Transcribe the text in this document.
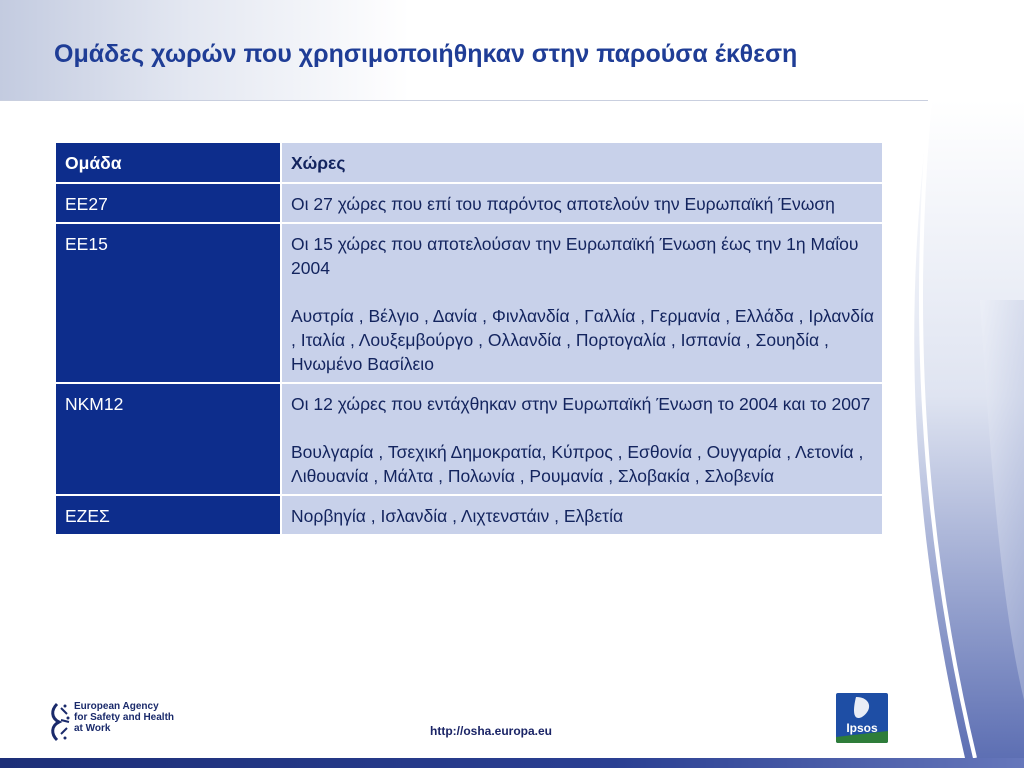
Ομάδες χωρών που χρησιμοποιήθηκαν στην παρούσα έκθεση
Ομάδα	Χώρες

ΕΕ27	Οι 27 χώρες που επί του παρόντος αποτελούν την Ευρωπαϊκή Ένωση

ΕΕ15	Οι 15 χώρες που αποτελούσαν την Ευρωπαϊκή Ένωση έως την 1η Μαΐου 2004
Αυστρία , Βέλγιο , Δανία , Φινλανδία , Γαλλία , Γερμανία , Ελλάδα , Ιρλανδία , Ιταλία , Λουξεμβούργο , Ολλανδία , Πορτογαλία , Ισπανία , Σουηδία , Ηνωμένο Βασίλειο

ΝΚΜ12	Οι 12 χώρες που εντάχθηκαν στην Ευρωπαϊκή Ένωση το 2004 και το 2007
Βουλγαρία , Τσεχική Δημοκρατία, Κύπρος , Εσθονία , Ουγγαρία , Λετονία , Λιθουανία , Μάλτα , Πολωνία , Ρουμανία , Σλοβακία , Σλοβενία

ΕΖΕΣ	Νορβηγία , Ισλανδία , Λιχτενστάιν , Ελβετία
European Agency
for Safety and Health
at Work	http://osha.europa.eu	Ipsos
